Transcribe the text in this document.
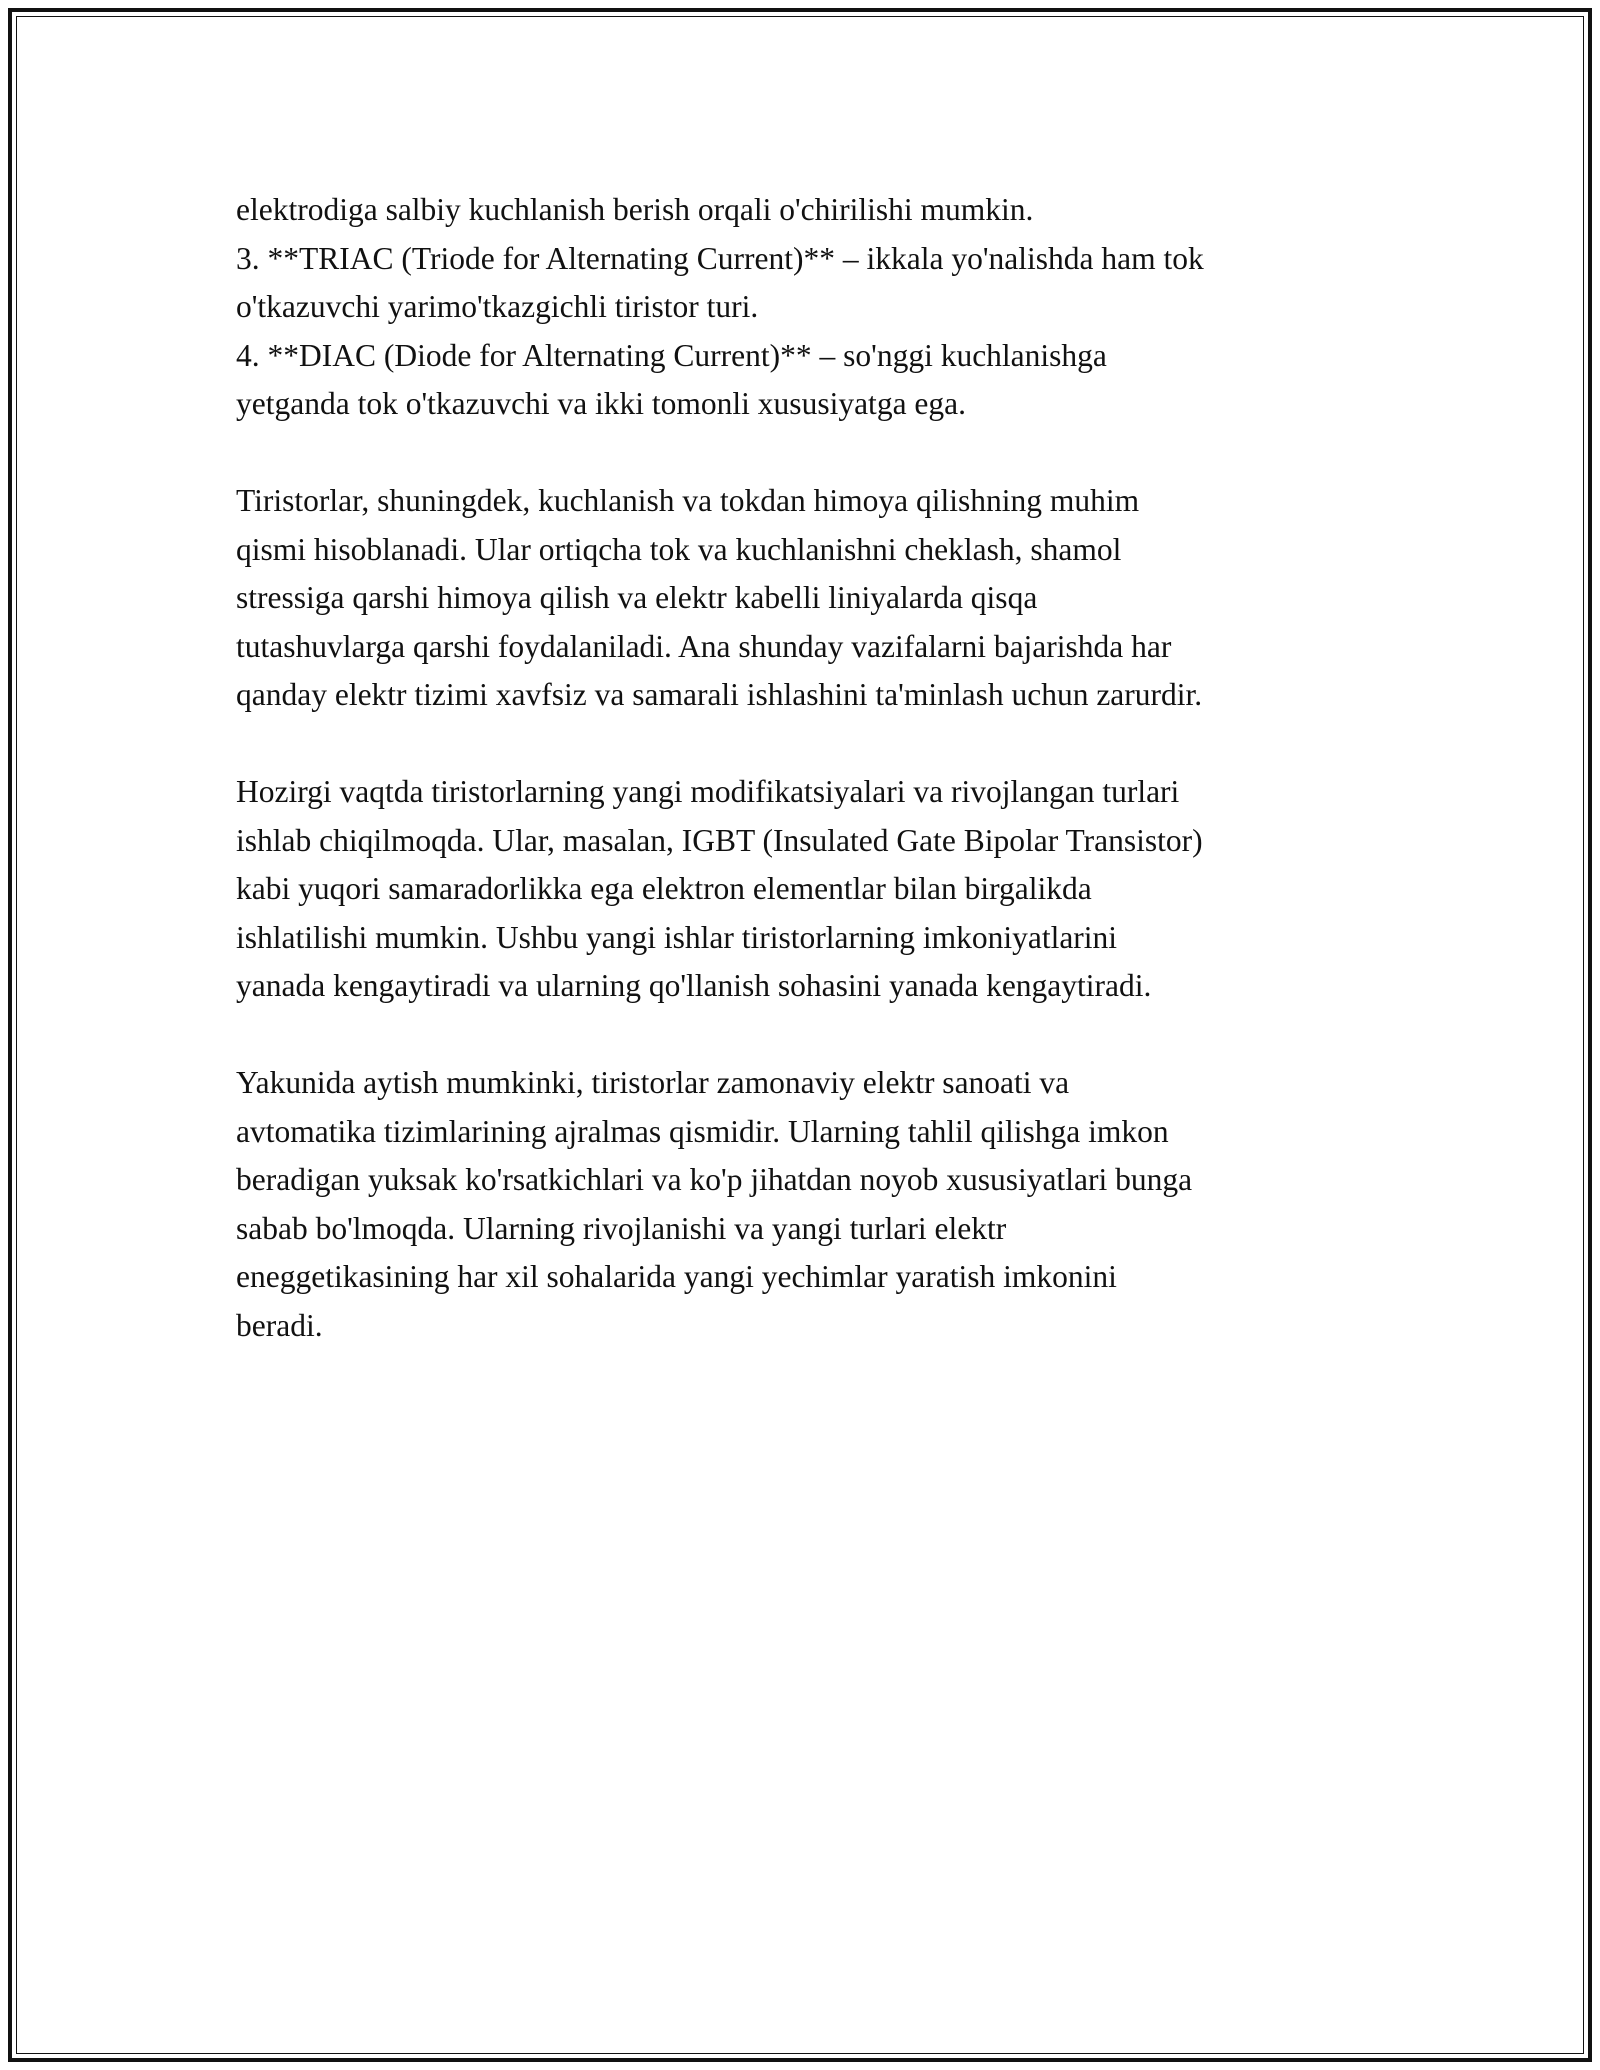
elektrodiga salbiy kuchlanish berish orqali o'chirilishi mumkin.
3. **TRIAC (Triode for Alternating Current)** – ikkala yo'nalishda ham tok
o'tkazuvchi yarimo'tkazgichli tiristor turi.
4. **DIAC (Diode for Alternating Current)** – so'nggi kuchlanishga
yetganda tok o'tkazuvchi va ikki tomonli xususiyatga ega.
Tiristorlar, shuningdek, kuchlanish va tokdan himoya qilishning muhim
qismi hisoblanadi. Ular ortiqcha tok va kuchlanishni cheklash, shamol
stressiga qarshi himoya qilish va elektr kabelli liniyalarda qisqa
tutashuvlarga qarshi foydalaniladi. Ana shunday vazifalarni bajarishda har
qanday elektr tizimi xavfsiz va samarali ishlashini ta'minlash uchun zarurdir.
Hozirgi vaqtda tiristorlarning yangi modifikatsiyalari va rivojlangan turlari
ishlab chiqilmoqda. Ular, masalan, IGBT (Insulated Gate Bipolar Transistor)
kabi yuqori samaradorlikka ega elektron elementlar bilan birgalikda
ishlatilishi mumkin. Ushbu yangi ishlar tiristorlarning imkoniyatlarini
yanada kengaytiradi va ularning qo'llanish sohasini yanada kengaytiradi.
Yakunida aytish mumkinki, tiristorlar zamonaviy elektr sanoati va
avtomatika tizimlarining ajralmas qismidir. Ularning tahlil qilishga imkon
beradigan yuksak ko'rsatkichlari va ko'p jihatdan noyob xususiyatlari bunga
sabab bo'lmoqda. Ularning rivojlanishi va yangi turlari elektr
eneggetikasining har xil sohalarida yangi yechimlar yaratish imkonini
beradi.
